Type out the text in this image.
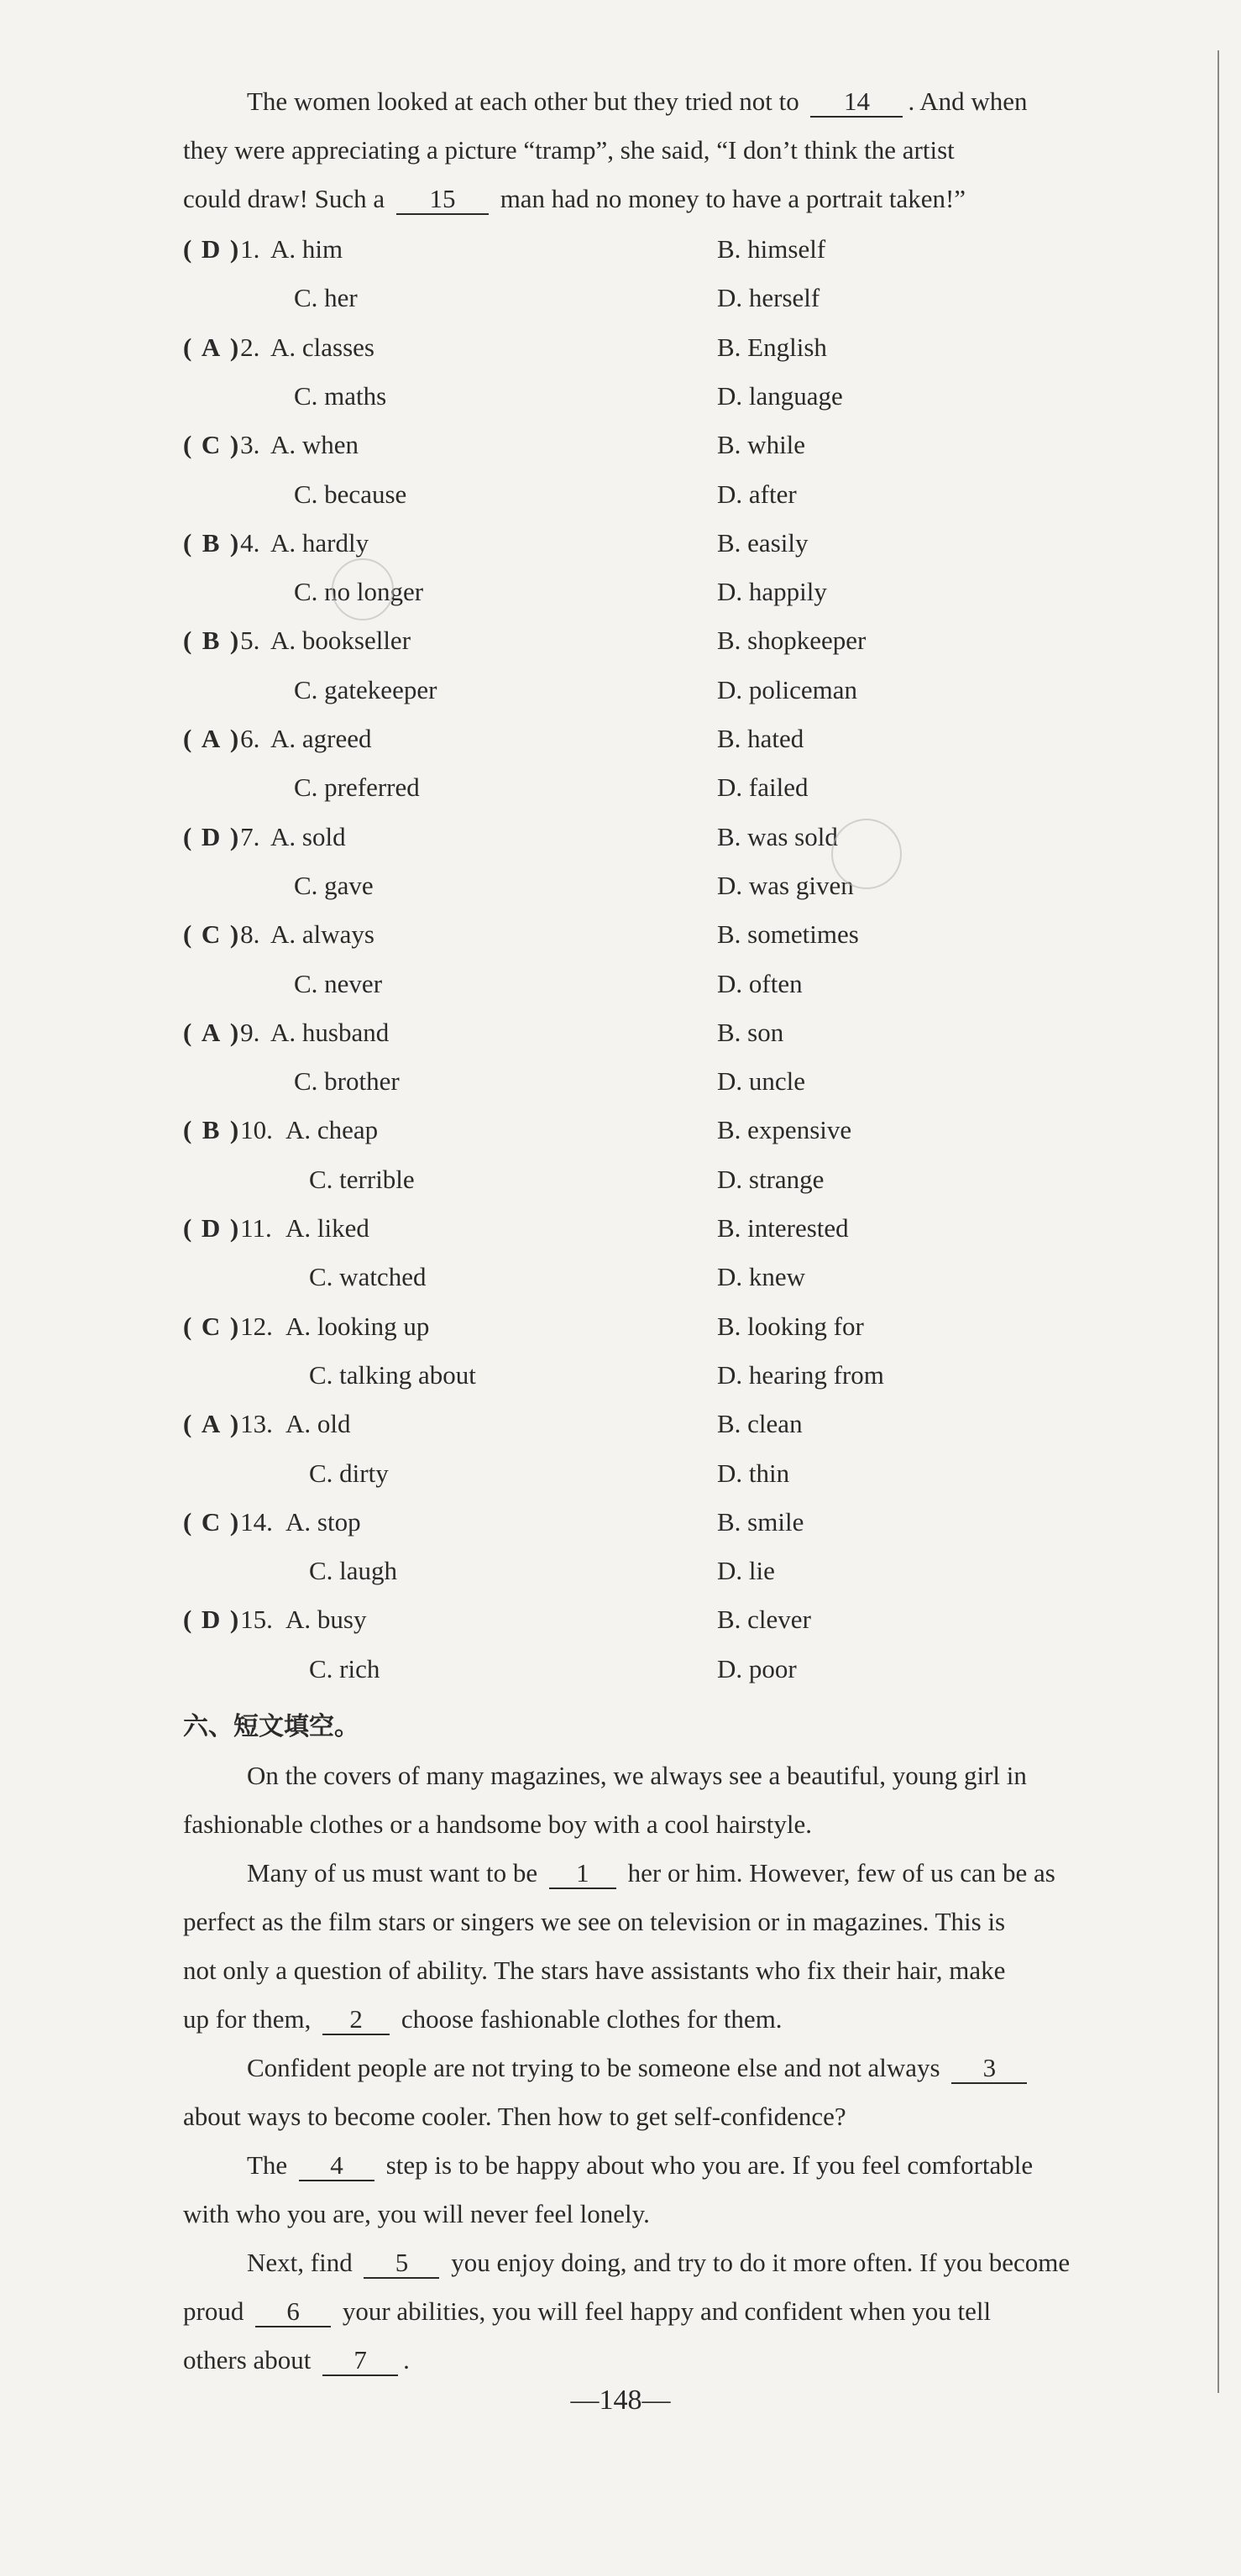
The women looked at each other but they tried not to 14 . And when
they were appreciating a picture “tramp”, she said, “I don’t think the artist
could draw! Such a 15 man had no money to have a portrait taken!”
( D )1. A. him	B. himself
C. her	D. herself
( A )2. A. classes	B. English
C. maths	D. language
( C )3. A. when	B. while
C. because	D. after
( B )4. A. hardly	B. easily
C. no longer	D. happily
( B )5. A. bookseller	B. shopkeeper
C. gatekeeper	D. policeman
( A )6. A. agreed	B. hated
C. preferred	D. failed
( D )7. A. sold	B. was sold
C. gave	D. was given
( C )8. A. always	B. sometimes
C. never	D. often
( A )9. A. husband	B. son
C. brother	D. uncle
( B )10. A. cheap	B. expensive
C. terrible	D. strange
( D )11. A. liked	B. interested
C. watched	D. knew
( C )12. A. looking up	B. looking for
C. talking about	D. hearing from
( A )13. A. old	B. clean
C. dirty	D. thin
( C )14. A. stop	B. smile
C. laugh	D. lie
( D )15. A. busy	B. clever
C. rich	D. poor
六、短文填空。
On the covers of many magazines, we always see a beautiful, young girl in
fashionable clothes or a handsome boy with a cool hairstyle.
Many of us must want to be 1 her or him. However, few of us can be as
perfect as the film stars or singers we see on television or in magazines. This is
not only a question of ability. The stars have assistants who fix their hair, make
up for them, 2 choose fashionable clothes for them.
Confident people are not trying to be someone else and not always 3
about ways to become cooler. Then how to get self-confidence?
The 4 step is to be happy about who you are. If you feel comfortable
with who you are, you will never feel lonely.
Next, find 5 you enjoy doing, and try to do it more often. If you become
proud 6 your abilities, you will feel happy and confident when you tell
others about 7 .
—148—
